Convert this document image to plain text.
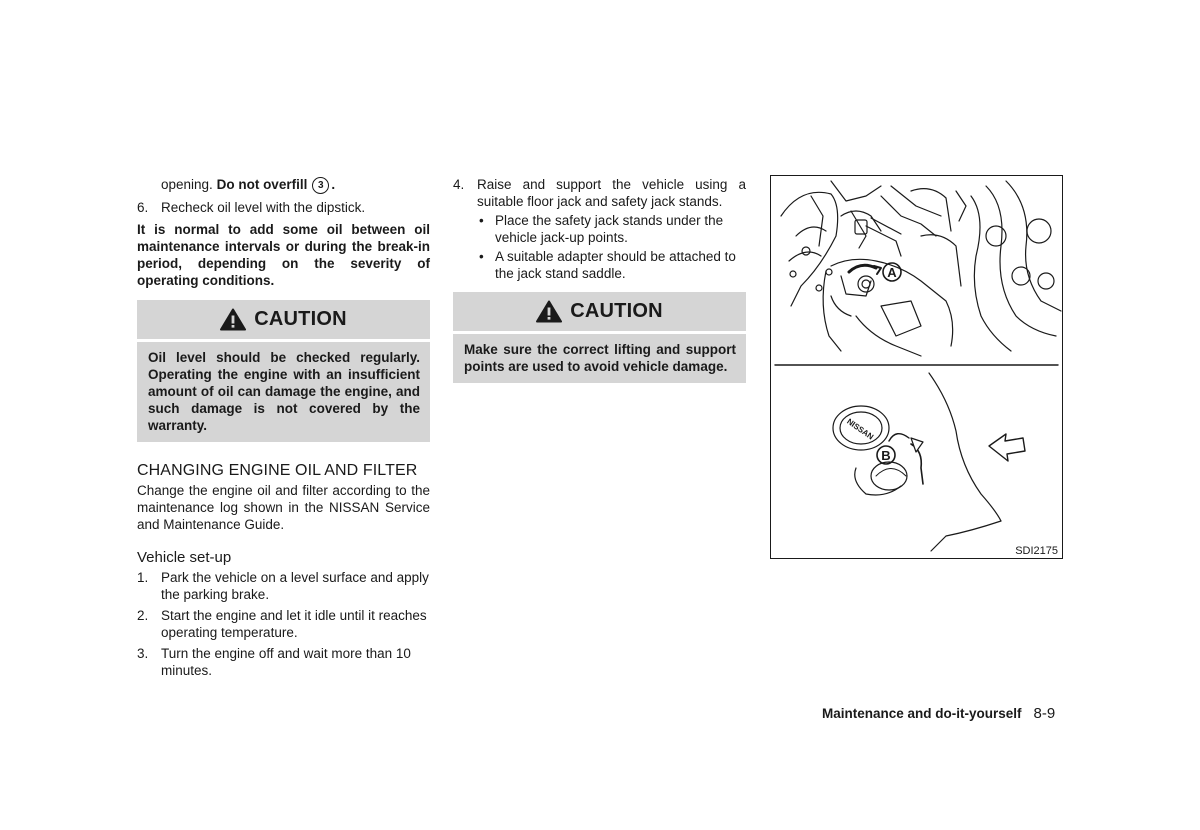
opening. Do not overfill 3 .

6. Recheck oil level with the dipstick.

It is normal to add some oil between oil maintenance intervals or during the break-in period, depending on the severity of operating conditions.

CAUTION
Oil level should be checked regularly. Operating the engine with an insufficient amount of oil can damage the engine, and such damage is not covered by the warranty.

CHANGING ENGINE OIL AND FILTER

Change the engine oil and filter according to the maintenance log shown in the NISSAN Service and Maintenance Guide.

Vehicle set-up

1. Park the vehicle on a level surface and apply the parking brake.

2. Start the engine and let it idle until it reaches operating temperature.

3. Turn the engine off and wait more than 10 minutes.

4. Raise and support the vehicle using a suitable floor jack and safety jack stands.

• Place the safety jack stands under the vehicle jack-up points.

• A suitable adapter should be attached to the jack stand saddle.

CAUTION
Make sure the correct lifting and support points are used to avoid vehicle damage.
A
NISSAN
B
SDI2175
Maintenance and do-it-yourself 8-9
